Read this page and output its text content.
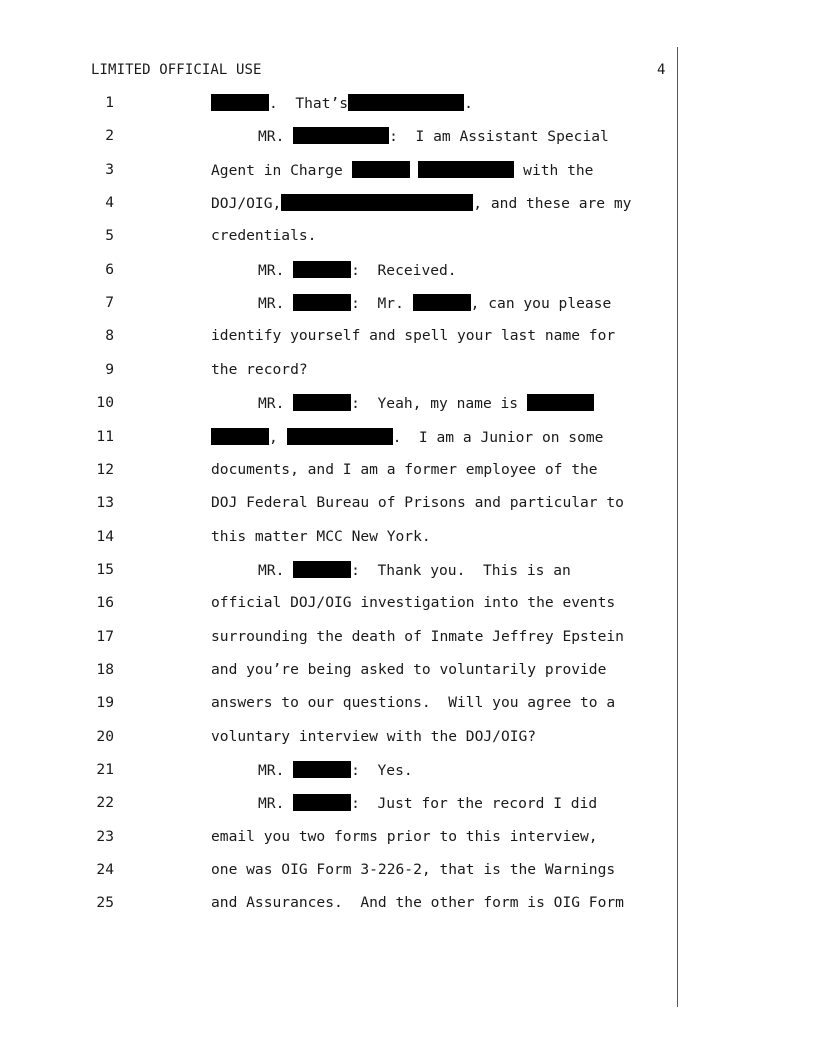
LIMITED OFFICIAL USE	4
1	.  That’s	.
2	MR.	:  I am Assistant Special
3	Agent in Charge	with the
4	DOJ/OIG,	, and these are my
5	credentials.
6	MR.	:  Received.
7	MR.	:  Mr.	, can you please
8	identify yourself and spell your last name for
9	the record?
10	MR.	:  Yeah, my name is
11	,	.  I am a Junior on some
12	documents, and I am a former employee of the
13	DOJ Federal Bureau of Prisons and particular to
14	this matter MCC New York.
15	MR.	:  Thank you.  This is an
16	official DOJ/OIG investigation into the events
17	surrounding the death of Inmate Jeffrey Epstein
18	and you’re being asked to voluntarily provide
19	answers to our questions.  Will you agree to a
20	voluntary interview with the DOJ/OIG?
21	MR.	:  Yes.
22	MR.	:  Just for the record I did
23	email you two forms prior to this interview,
24	one was OIG Form 3-226-2, that is the Warnings
25	and Assurances.  And the other form is OIG Form
